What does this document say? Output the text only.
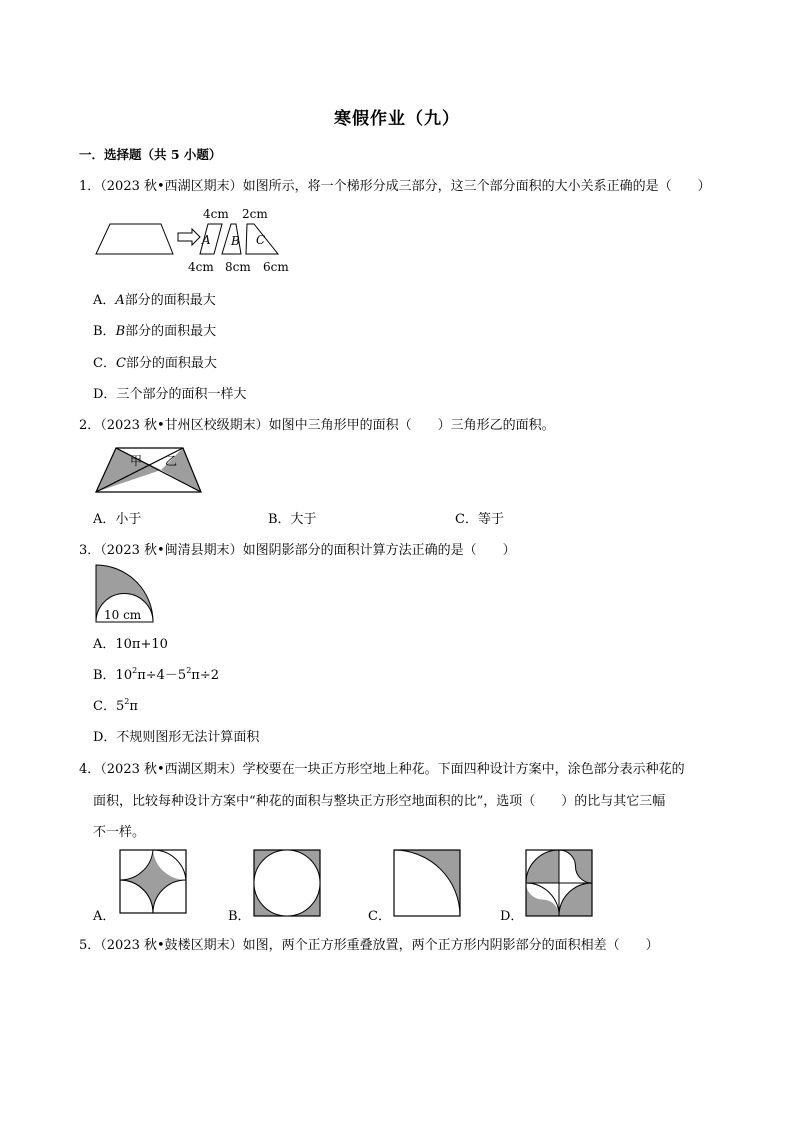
寒假作业（九）
一．选择题（共 5 小题）
1．（2023 秋•西湖区期末）如图所示，将一个梯形分成三部分，这三个部分面积的大小关系正确的是（　　）
4cm 2cm
A B C
4cm 8cm 6cm
A．A部分的面积最大
B．B部分的面积最大
C．C部分的面积最大
D．三个部分的面积一样大
2．（2023 秋•甘州区校级期末）如图中三角形甲的面积（　　）三角形乙的面积。
甲 乙
A．小于	B．大于	C．等于
3．（2023 秋•闽清县期末）如图阴影部分的面积计算方法正确的是（　　）
10 cm
A．10π+10
B．$10^2\pi\div 4-5^2\pi\div 2$
C．$5^2\pi$
D．不规则图形无法计算面积
4．（2023 秋•西湖区期末）学校要在一块正方形空地上种花。下面四种设计方案中，涂色部分表示种花的
面积，比较每种设计方案中“种花的面积与整块正方形空地面积的比”，选项（　　）的比与其它三幅
不一样。
A．	B．	C．	D．
5．（2023 秋•鼓楼区期末）如图，两个正方形重叠放置，两个正方形内阴影部分的面积相差（　　）
